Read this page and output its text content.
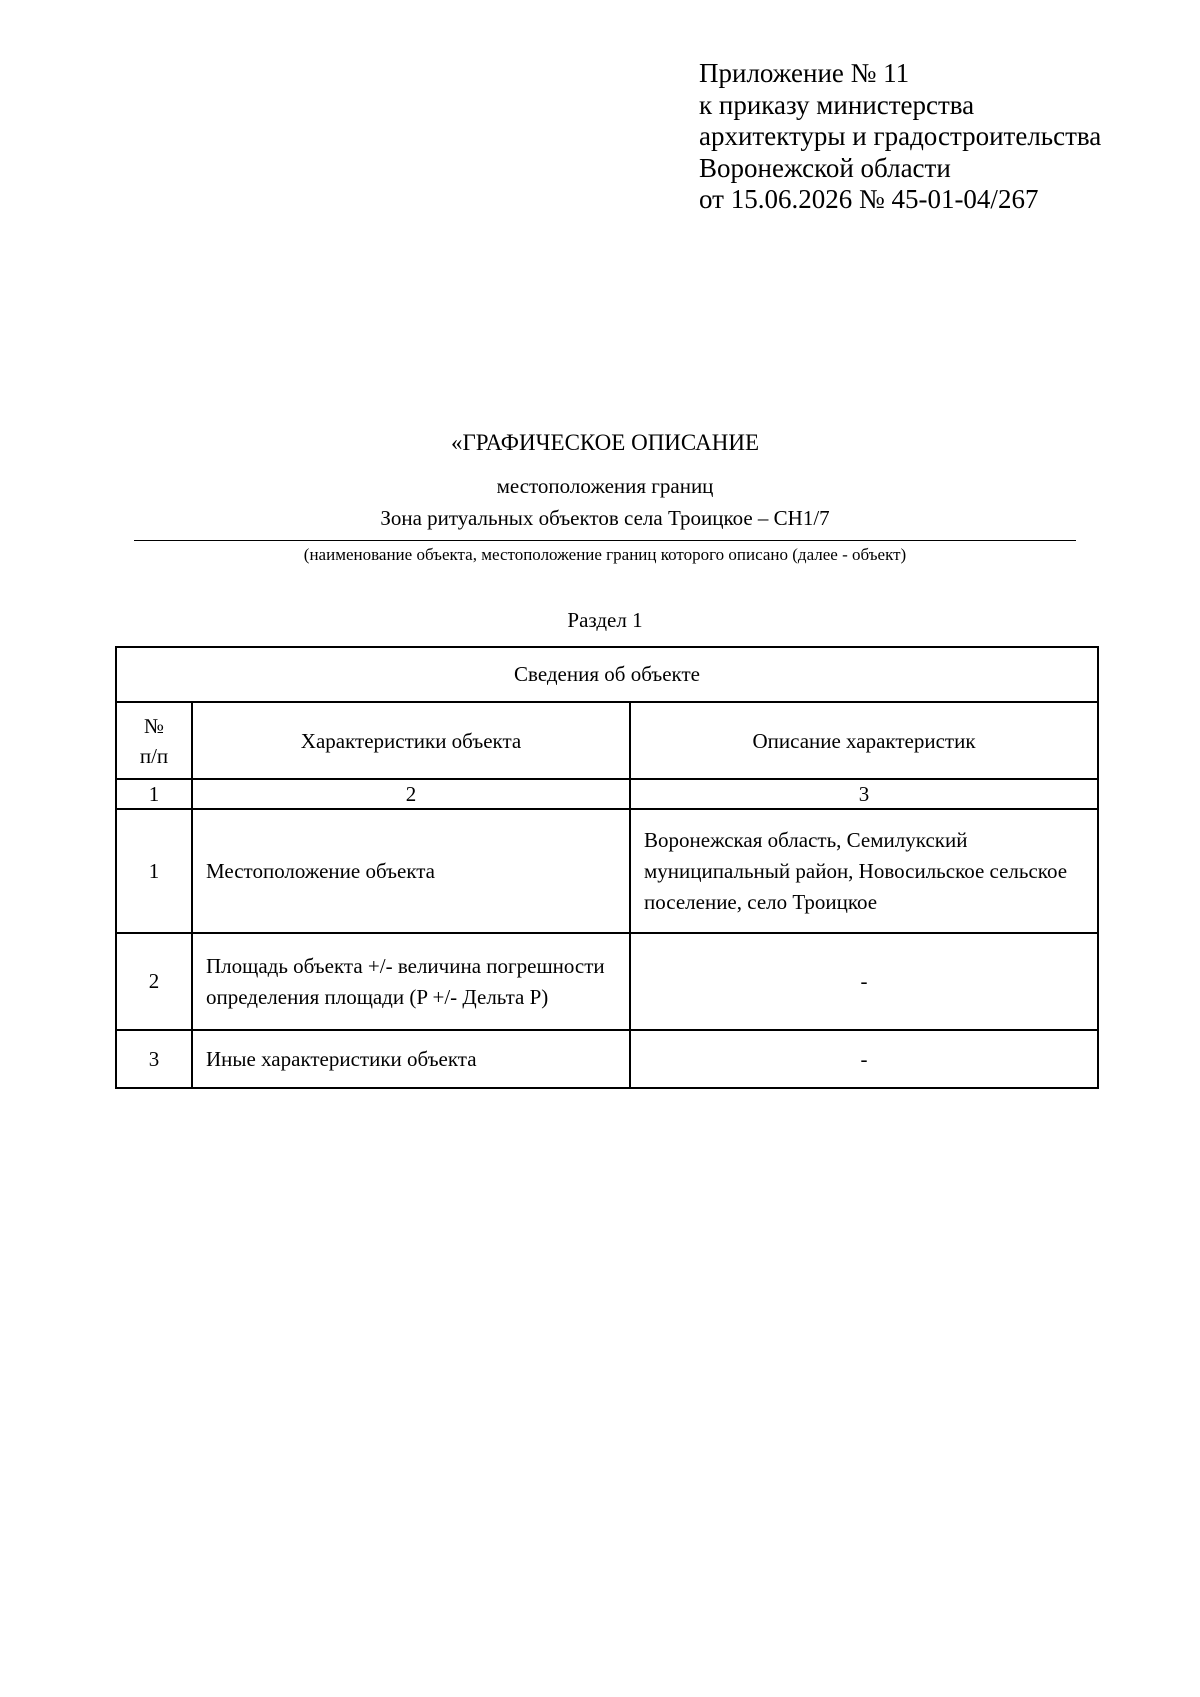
Приложение № 11
к приказу министерства
архитектуры и градостроительства
Воронежской области
от 15.06.2026 № 45-01-04/267
«ГРАФИЧЕСКОЕ ОПИСАНИЕ
местоположения границ
Зона ритуальных объектов села Троицкое – СН1/7
(наименование объекта, местоположение границ которого описано (далее - объект)
Раздел 1
Сведения об объекте		
№
п/п	Характеристики объекта	Описание характеристик
1	2	3
1	Местоположение объекта	Воронежская область, Семилукский муниципальный район, Новосильское сельское поселение, село Троицкое
2	Площадь объекта +/- величина погрешности определения площади (P +/- Дельта P)	-
3	Иные характеристики объекта	-
